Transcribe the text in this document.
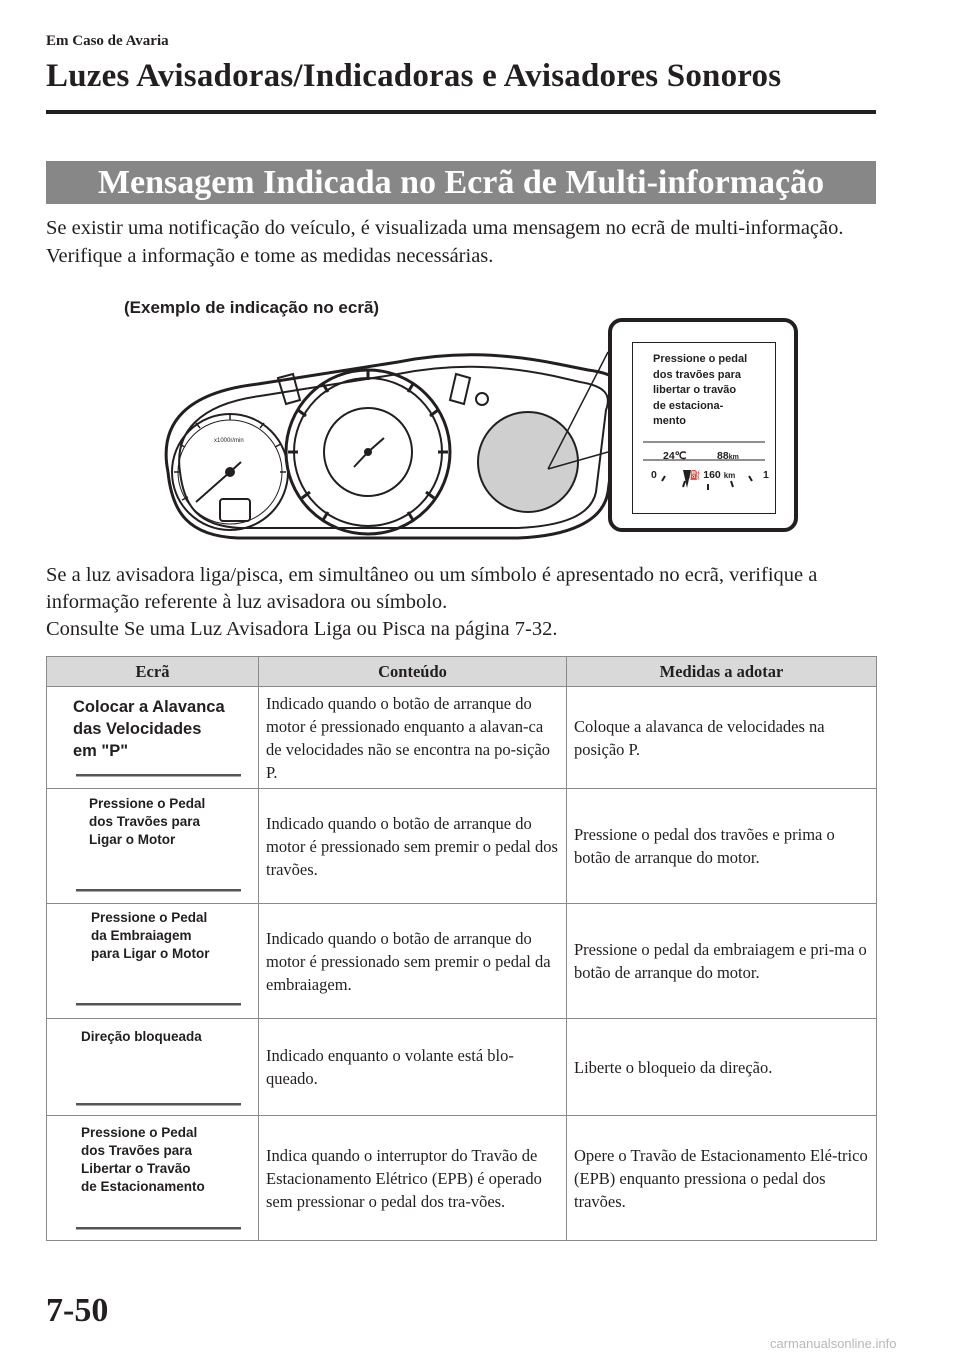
Em Caso de Avaria
Luzes Avisadoras/Indicadoras e Avisadores Sonoros
Mensagem Indicada no Ecrã de Multi-informação
Se existir uma notificação do veículo, é visualizada uma mensagem no ecrã de multi-informação. Verifique a informação e tome as medidas necessárias.
(Exemplo de indicação no ecrã)
x1000r/min
Pressione o pedal
dos travões para
libertar o travão
de estaciona-
mento
24℃	88km
0	1
◂⛽ 160 km
Se a luz avisadora liga/pisca, em simultâneo ou um símbolo é apresentado no ecrã, verifique a informação referente à luz avisadora ou símbolo.
Consulte Se uma Luz Avisadora Liga ou Pisca na página 7-32.
Ecrã	Conteúdo	Medidas a adotar

Colocar a Alavanca
das Velocidades
em "P"	Indicado quando o botão de arranque do motor é pressionado enquanto a alavan-ca de velocidades não se encontra na po-sição P.	Coloque a alavanca de velocidades na posição P.

Pressione o Pedal
dos Travões para
Ligar o Motor	Indicado quando o botão de arranque do motor é pressionado sem premir o pedal dos travões.	Pressione o pedal dos travões e prima o botão de arranque do motor.

Pressione o Pedal
da Embraiagem
para Ligar o Motor	Indicado quando o botão de arranque do motor é pressionado sem premir o pedal da embraiagem.	Pressione o pedal da embraiagem e pri-ma o botão de arranque do motor.

Direção bloqueada	Indicado enquanto o volante está blo-queado.	Liberte o bloqueio da direção.

Pressione o Pedal
dos Travões para
Libertar o Travão
de Estacionamento	Indica quando o interruptor do Travão de Estacionamento Elétrico (EPB) é operado sem pressionar o pedal dos tra-vões.	Opere o Travão de Estacionamento Elé-trico (EPB) enquanto pressiona o pedal dos travões.
7-50
carmanualsonline.info
